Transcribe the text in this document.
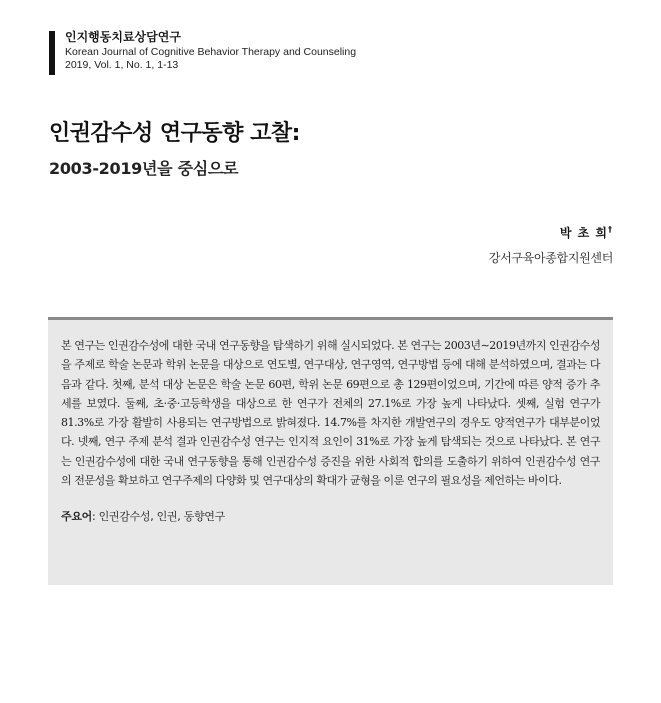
인지행동치료상담연구
Korean Journal of Cognitive Behavior Therapy and Counseling
2019, Vol. 1, No. 1, 1-13
인권감수성 연구동향 고찰:
2003-2019년을 중심으로
박 초 희†
강서구육아종합지원센터

본 연구는 인권감수성에 대한 국내 연구동향을 탐색하기 위해 실시되었다. 본 연구는 2003년∼2019년까지 인권감수성을 주제로 학술 논문과 학위 논문을 대상으로 연도별, 연구대상, 연구영역, 연구방법 등에 대해 분석하였으며, 결과는 다음과 같다. 첫째, 분석 대상 논문은 학술 논문 60편, 학위 논문 69편으로 총 129편이었으며, 기간에 따른 양적 증가 추세를 보였다. 둘째, 초·중·고등학생을 대상으로 한 연구가 전체의 27.1%로 가장 높게 나타났다. 셋째, 실험 연구가 81.3%로 가장 활발히 사용되는 연구방법으로 밝혀졌다. 14.7%를 차지한 개발연구의 경우도 양적연구가 대부분이었다. 넷째, 연구 주제 분석 결과 인권감수성 연구는 인지적 요인이 31%로 가장 높게 탐색되는 것으로 나타났다. 본 연구는 인권감수성에 대한 국내 연구동향을 통해 인권감수성 증진을 위한 사회적 합의를 도출하기 위하여 인권감수성 연구의 전문성을 확보하고 연구주제의 다양화 및 연구대상의 확대가 균형을 이룬 연구의 필요성을 제언하는 바이다.

주요어: 인권감수성, 인권, 동향연구
